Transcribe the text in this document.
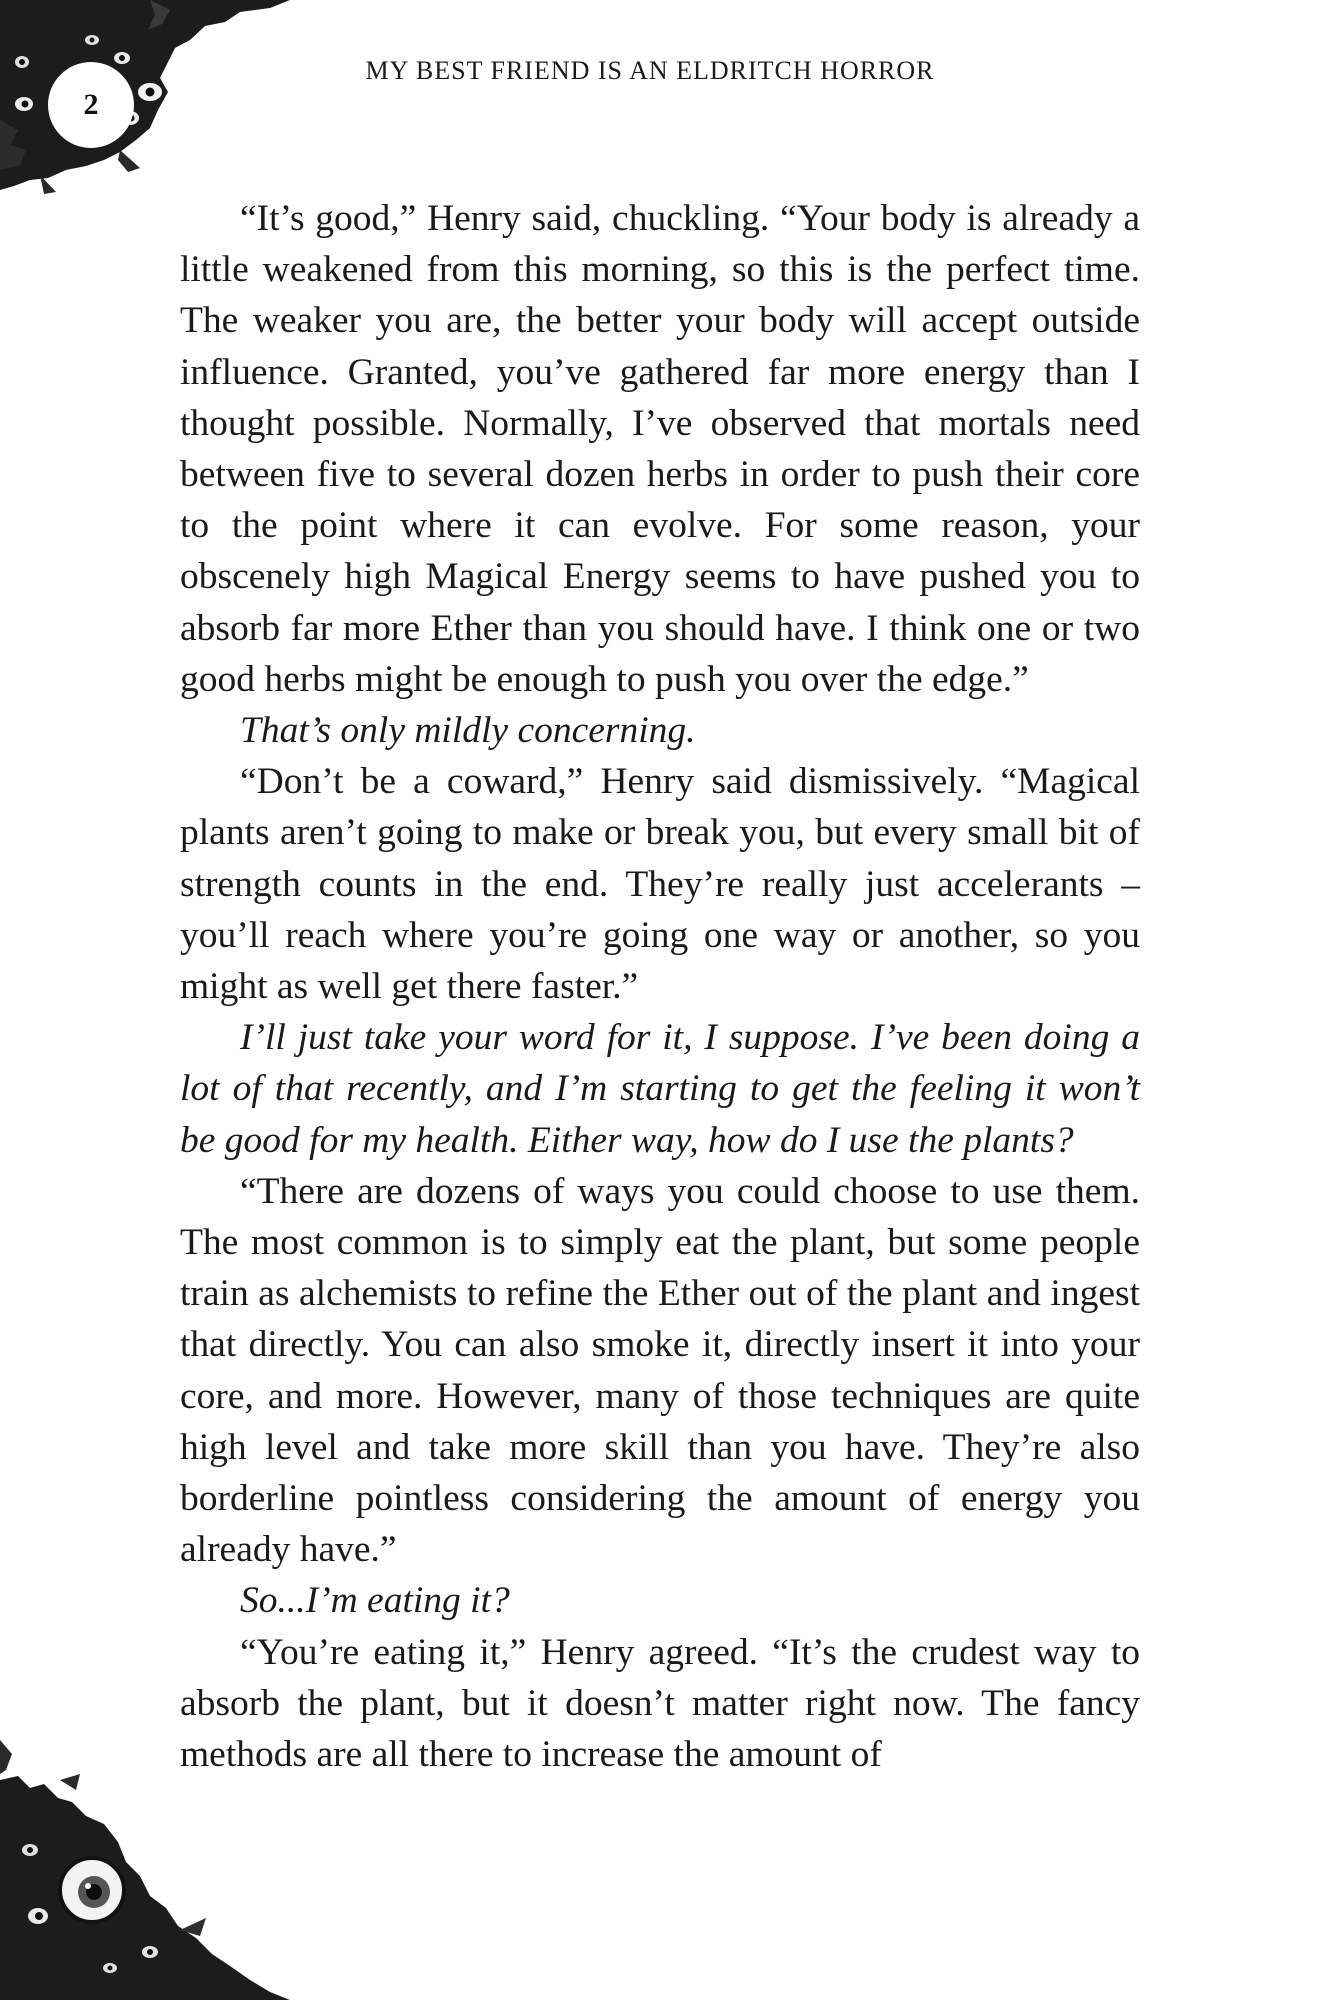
2
MY BEST FRIEND IS AN ELDRITCH HORROR

“It’s good,” Henry said, chuckling. “Your body is already a little weakened from this morning, so this is the perfect time. The weaker you are, the better your body will accept outside influence. Granted, you’ve gathered far more energy than I thought possible. Normally, I’ve observed that mortals need between five to several dozen herbs in order to push their core to the point where it can evolve. For some reason, your obscenely high Magical Energy seems to have pushed you to absorb far more Ether than you should have. I think one or two good herbs might be enough to push you over the edge.”

That’s only mildly concerning.

“Don’t be a coward,” Henry said dismissively. “Magical plants aren’t going to make or break you, but every small bit of strength counts in the end. They’re really just accelerants – you’ll reach where you’re going one way or another, so you might as well get there faster.”

I’ll just take your word for it, I suppose. I’ve been doing a lot of that recently, and I’m starting to get the feeling it won’t be good for my health. Either way, how do I use the plants?

“There are dozens of ways you could choose to use them. The most common is to simply eat the plant, but some people train as alchemists to refine the Ether out of the plant and ingest that directly. You can also smoke it, directly insert it into your core, and more. However, many of those techniques are quite high level and take more skill than you have. They’re also borderline pointless considering the amount of energy you already have.”

So...I’m eating it?

“You’re eating it,” Henry agreed. “It’s the crudest way to absorb the plant, but it doesn’t matter right now. The fancy methods are all there to increase the amount of
